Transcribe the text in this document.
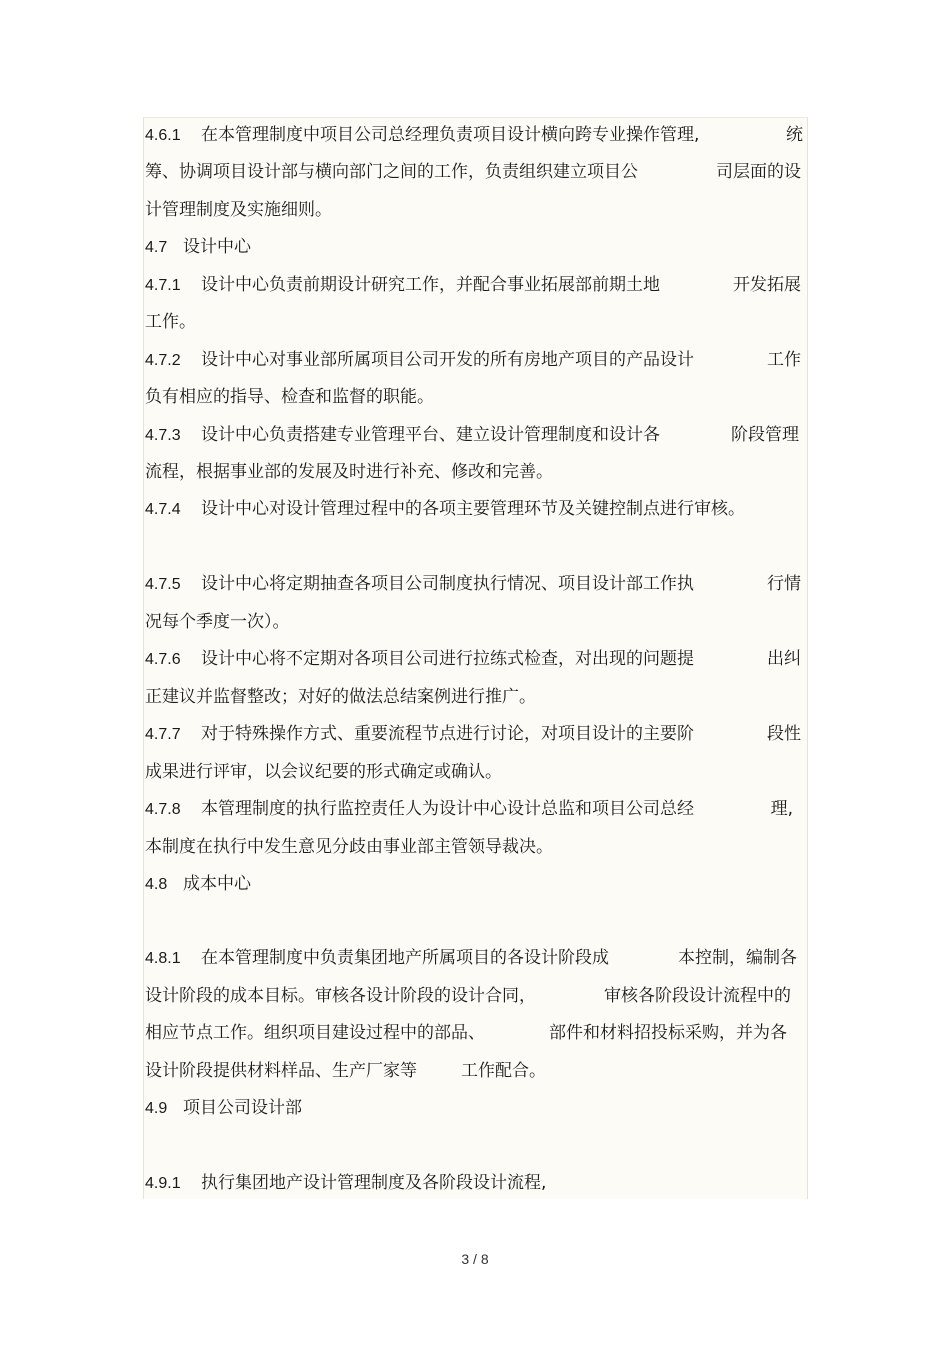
4.6.1 在本管理制度中项目公司总经理负责项目设计横向跨专业操作管理,	统
筹、协调项目设计部与横向部门之间的工作，负责组织建立项目公	司层面的设
计管理制度及实施细则。
4.7 设计中心
4.7.1 设计中心负责前期设计研究工作，并配合事业拓展部前期土地	开发拓展
工作。
4.7.2 设计中心对事业部所属项目公司开发的所有房地产项目的产品设计	工作
负有相应的指导、检查和监督的职能。
4.7.3 设计中心负责搭建专业管理平台、建立设计管理制度和设计各	阶段管理
流程，根据事业部的发展及时进行补充、修改和完善。
4.7.4 设计中心对设计管理过程中的各项主要管理环节及关键控制点进行审核。
4.7.5 设计中心将定期抽查各项目公司制度执行情况、项目设计部工作执	行情
况每个季度一次）。
4.7.6 设计中心将不定期对各项目公司进行拉练式检查，对出现的问题提	出纠
正建议并监督整改；对好的做法总结案例进行推广。
4.7.7 对于特殊操作方式、重要流程节点进行讨论，对项目设计的主要阶	段性
成果进行评审，以会议纪要的形式确定或确认。
4.7.8 本管理制度的执行监控责任人为设计中心设计总监和项目公司总经	理,
本制度在执行中发生意见分歧由事业部主管领导裁决。
4.8 成本中心
4.8.1 在本管理制度中负责集团地产所属项目的各设计阶段成	本控制，编制各
设计阶段的成本目标。审核各设计阶段的设计合同，	审核各阶段设计流程中的
相应节点工作。组织项目建设过程中的部品、	部件和材料招投标采购，并为各
设计阶段提供材料样品、生产厂家等	工作配合。
4.9 项目公司设计部
4.9.1 执行集团地产设计管理制度及各阶段设计流程,
3 / 8
